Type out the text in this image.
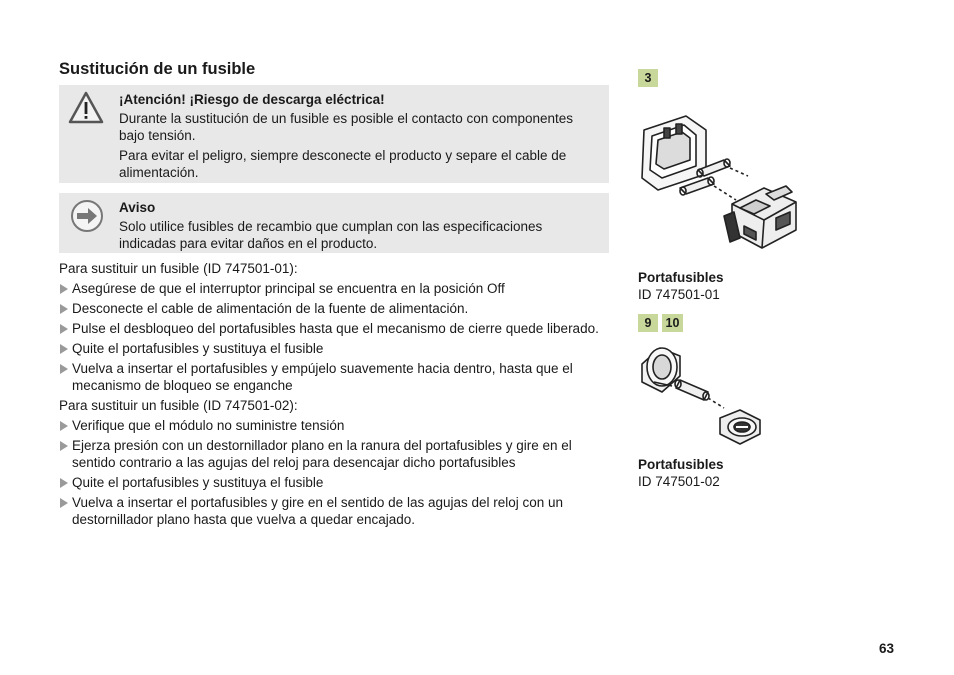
Sustitución de un fusible
¡Atención! ¡Riesgo de descarga eléctrica!

Durante la sustitución de un fusible es posible el contacto con componentes bajo tensión.

Para evitar el peligro, siempre desconecte el producto y separe el cable de alimentación.

Aviso

Solo utilice fusibles de recambio que cumplan con las especificaciones indicadas para evitar daños en el producto.

Para sustituir un fusible (ID 747501-01):

Asegúrese de que el interruptor principal se encuentra en la posición Off
Desconecte el cable de alimentación de la fuente de alimentación.
Pulse el desbloqueo del portafusibles hasta que el mecanismo de cierre quede liberado.
Quite el portafusibles y sustituya el fusible
Vuelva a insertar el portafusibles y empújelo suavemente hacia dentro, hasta que el mecanismo de bloqueo se enganche

Para sustituir un fusible (ID 747501-02):

Verifique que el módulo no suministre tensión
Ejerza presión con un destornillador plano en la ranura del portafusibles y gire en el sentido contrario a las agujas del reloj para desencajar dicho portafusibles
Quite el portafusibles y sustituya el fusible
Vuelva a insertar el portafusibles y gire en el sentido de las agujas del reloj con un destornillador plano hasta que vuelva a quedar encajado.
3
Portafusibles
ID 747501-01
9	10
Portafusibles
ID 747501-02
63
